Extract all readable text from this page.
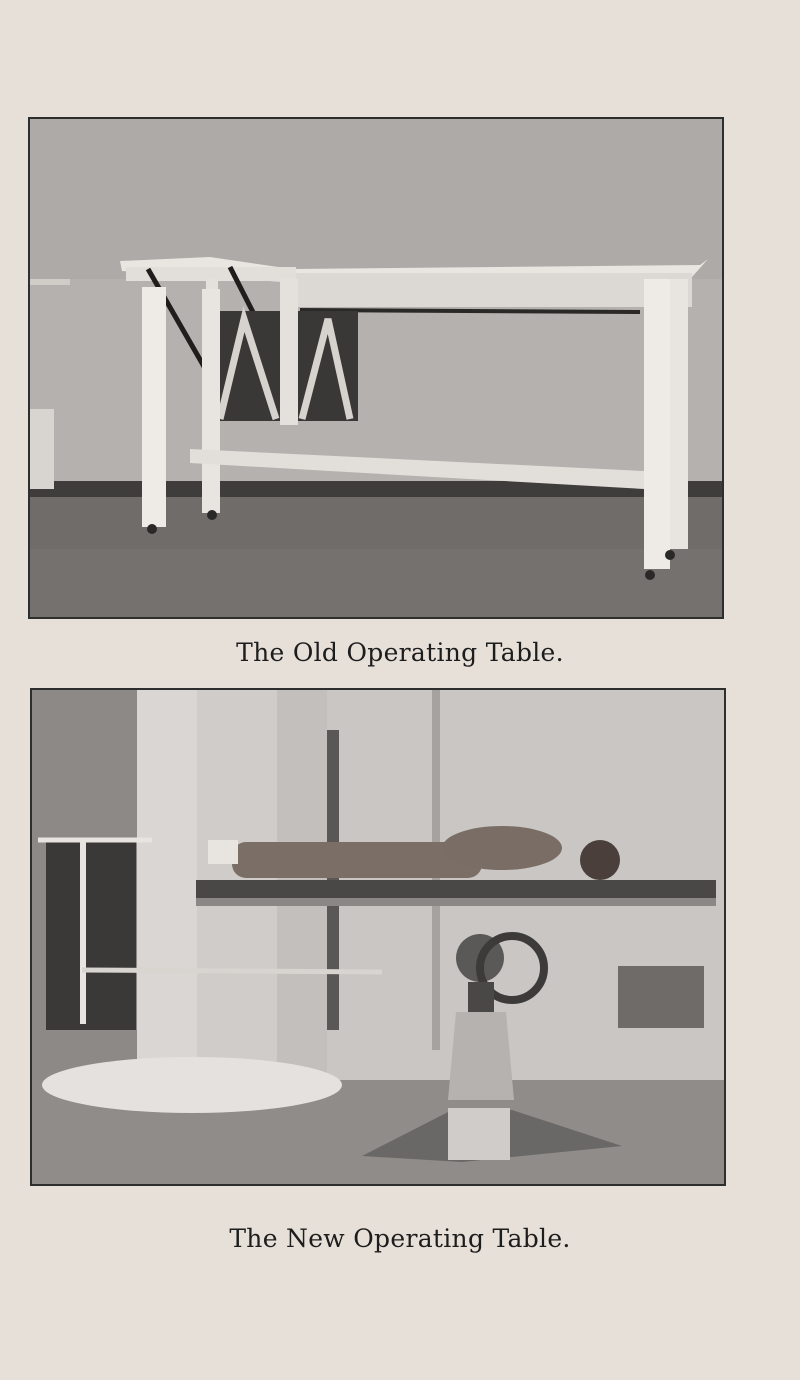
The Old Operating Table.
The New Operating Table.
